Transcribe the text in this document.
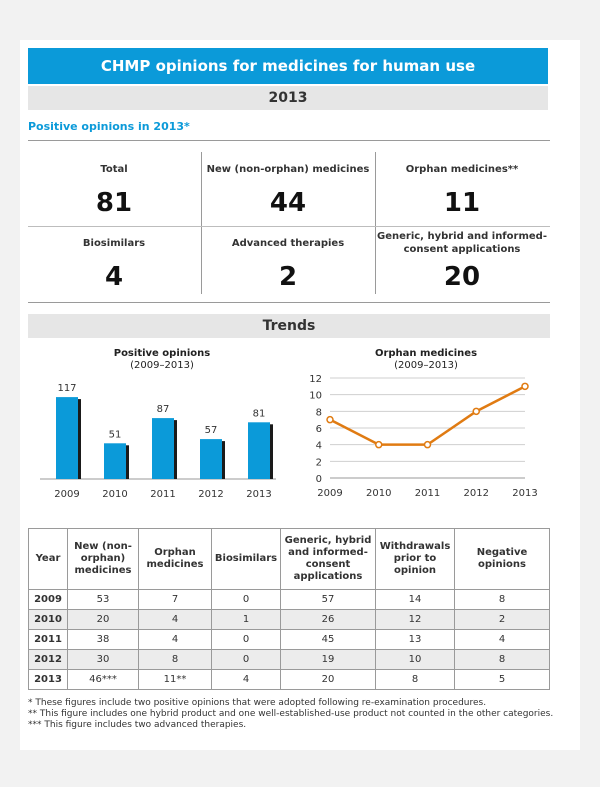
CHMP opinions for medicines for human use
2013
Positive opinions in 2013*
Total
81
New (non-orphan) medicines
44
Orphan medicines**
11
Biosimilars
4
Advanced therapies
2
Generic, hybrid and informed-consent applications
20
Trends
Positive opinions
(2009–2013)
Orphan medicines
(2009–2013)
117
2009
51
2010
87
2011
57
2012
81
2013
0
2
4
6
8
10
12
2009 2010 2011 2012 2013
Year	New (non-orphan) medicines	Orphan medicines	Biosimilars	Generic, hybrid and informed-consent applications	Withdrawals prior to opinion	Negative opinions
2009	53	7	0	57	14	8
2010	20	4	1	26	12	2
2011	38	4	0	45	13	4
2012	30	8	0	19	10	8
2013	46***	11**	4	20	8	5
* These figures include two positive opinions that were adopted following re-examination procedures.
** This figure includes one hybrid product and one well-established-use product not counted in the other categories.
*** This figure includes two advanced therapies.
